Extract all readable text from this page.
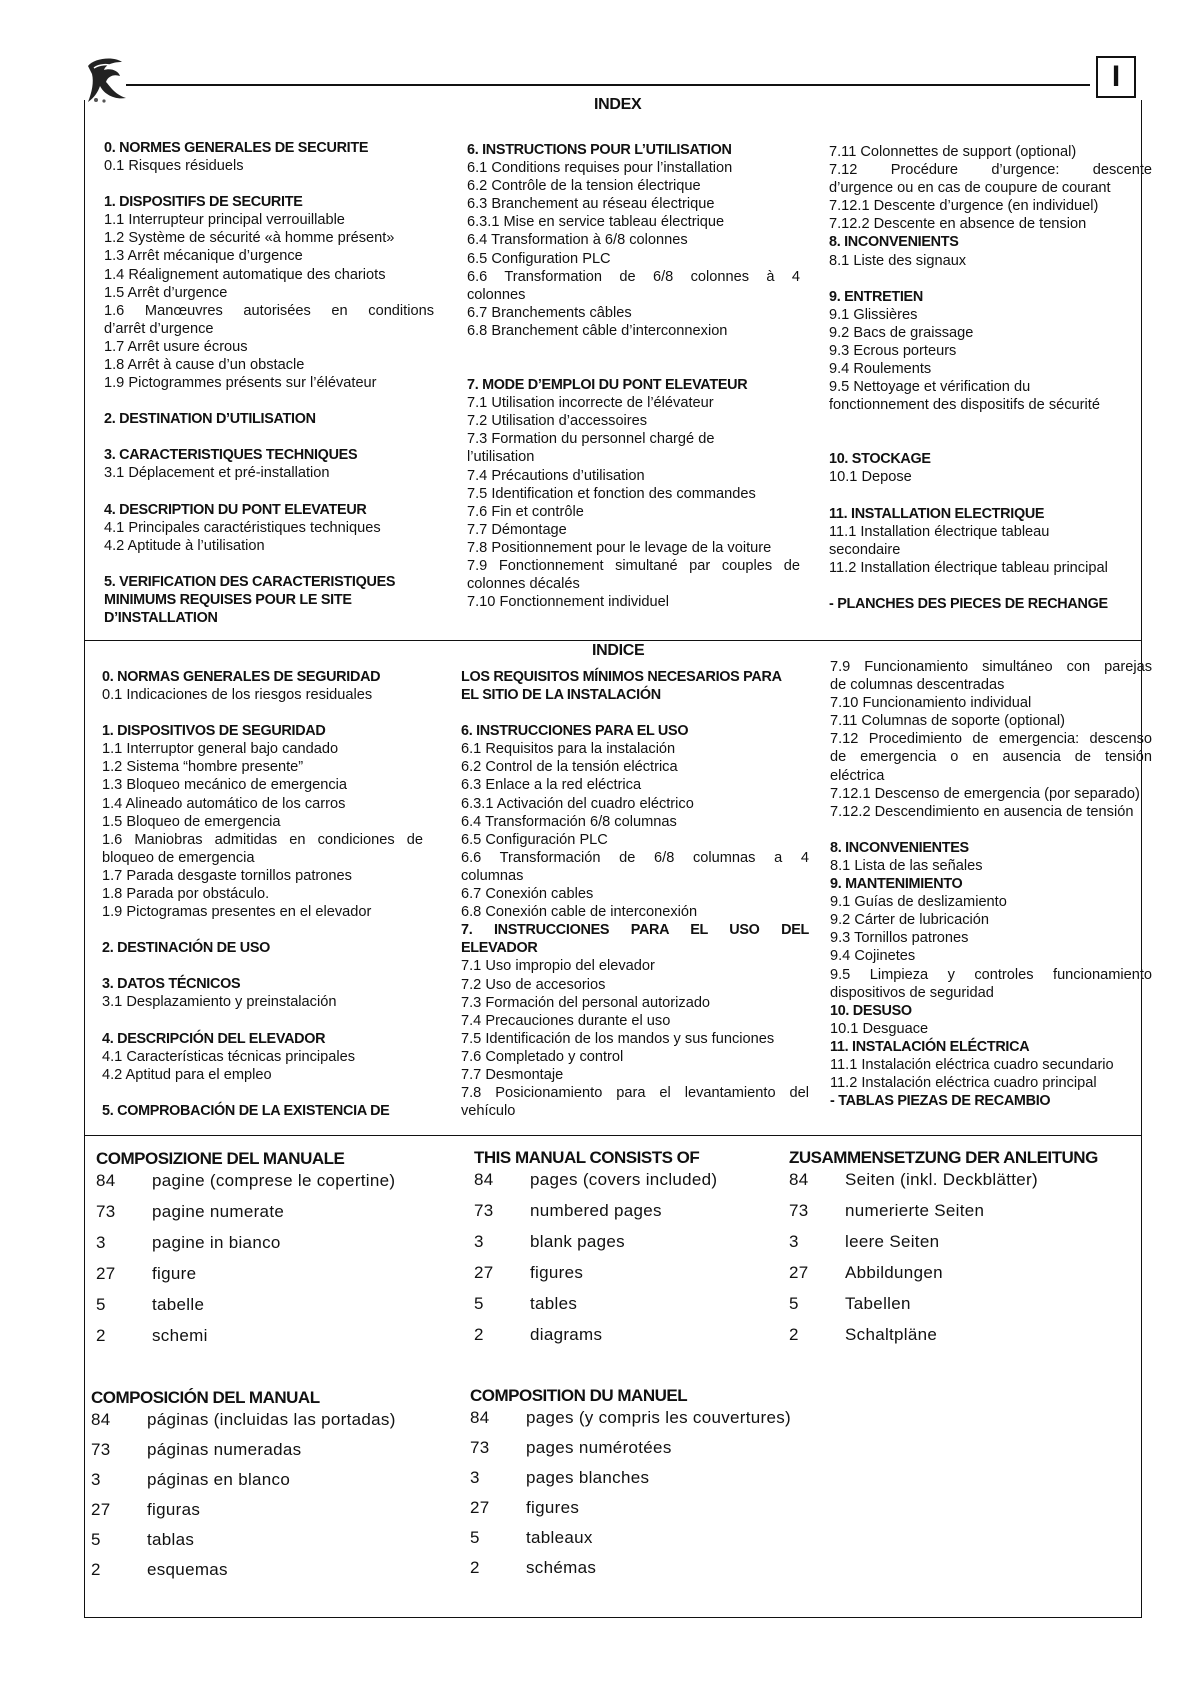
I
INDEX
0. NORMES GENERALES DE SECURITE
0.1 Risques résiduels
1. DISPOSITIFS DE SECURITE
1.1 Interrupteur principal verrouillable
1.2 Système de sécurité «à homme présent»
1.3 Arrêt mécanique d’urgence
1.4 Réalignement automatique des chariots
1.5 Arrêt d’urgence
1.6 Manœuvres autorisées en conditions
d’arrêt d’urgence
1.7 Arrêt usure écrous
1.8 Arrêt à cause d’un obstacle
1.9 Pictogrammes présents sur l’élévateur
2. DESTINATION D’UTILISATION
3. CARACTERISTIQUES TECHNIQUES
3.1 Déplacement et pré-installation
4. DESCRIPTION DU PONT ELEVATEUR
4.1 Principales caractéristiques techniques
4.2 Aptitude à l’utilisation
5. VERIFICATION DES CARACTERISTIQUES
MINIMUMS REQUISES POUR LE SITE
D’INSTALLATION
6. INSTRUCTIONS POUR L’UTILISATION
6.1 Conditions requises pour l’installation
6.2 Contrôle de la tension électrique
6.3 Branchement au réseau électrique
6.3.1 Mise en service tableau électrique
6.4 Transformation à 6/8 colonnes
6.5 Configuration PLC
6.6 Transformation de 6/8 colonnes à 4
colonnes
6.7 Branchements câbles
6.8 Branchement câble d’interconnexion
7. MODE D’EMPLOI DU PONT ELEVATEUR
7.1 Utilisation incorrecte de l’élévateur
7.2 Utilisation d’accessoires
7.3 Formation du personnel chargé de
l’utilisation
7.4 Précautions d’utilisation
7.5 Identification et fonction des commandes
7.6 Fin et contrôle
7.7 Démontage
7.8 Positionnement pour le levage de la voiture
7.9 Fonctionnement simultané par couples de
colonnes décalés
7.10 Fonctionnement individuel
7.11 Colonnettes de support (optional)
7.12 Procédure d’urgence: descente
d’urgence ou en cas de coupure de courant
7.12.1 Descente d’urgence (en individuel)
7.12.2 Descente en absence de tension
8. INCONVENIENTS
8.1 Liste des signaux
9. ENTRETIEN
9.1 Glissières
9.2 Bacs de graissage
9.3 Ecrous porteurs
9.4 Roulements
9.5 Nettoyage et vérification du
fonctionnement des dispositifs de sécurité
10. STOCKAGE
10.1 Depose
11. INSTALLATION ELECTRIQUE
11.1 Installation électrique tableau
secondaire
11.2 Installation électrique tableau principal
- PLANCHES DES PIECES DE RECHANGE
INDICE
0. NORMAS GENERALES DE SEGURIDAD
0.1 Indicaciones de los riesgos residuales
1. DISPOSITIVOS DE SEGURIDAD
1.1 Interruptor general bajo candado
1.2 Sistema “hombre presente”
1.3 Bloqueo mecánico de emergencia
1.4 Alineado automático de los carros
1.5 Bloqueo de emergencia
1.6 Maniobras admitidas en condiciones de
bloqueo de emergencia
1.7 Parada desgaste tornillos patrones
1.8 Parada por obstáculo.
1.9 Pictogramas presentes en el elevador
2. DESTINACIÓN DE USO
3. DATOS TÉCNICOS
3.1 Desplazamiento y preinstalación
4. DESCRIPCIÓN DEL ELEVADOR
4.1 Características técnicas principales
4.2 Aptitud para el empleo
5. COMPROBACIÓN DE LA EXISTENCIA DE
LOS REQUISITOS MÍNIMOS NECESARIOS PARA
EL SITIO DE LA INSTALACIÓN
6. INSTRUCCIONES PARA EL USO
6.1 Requisitos para la instalación
6.2 Control de la tensión eléctrica
6.3 Enlace a la red eléctrica
6.3.1 Activación del cuadro eléctrico
6.4 Transformación 6/8 columnas
6.5 Configuración PLC
6.6 Transformación de 6/8 columnas a 4
columnas
6.7 Conexión cables
6.8 Conexión cable de interconexión
7. INSTRUCCIONES PARA EL USO DEL
ELEVADOR
7.1 Uso impropio del elevador
7.2 Uso de accesorios
7.3 Formación del personal autorizado
7.4 Precauciones durante el uso
7.5 Identificación de los mandos y sus funciones
7.6 Completado y control
7.7 Desmontaje
7.8 Posicionamiento para el levantamiento del
vehículo
7.9 Funcionamiento simultáneo con parejas
de columnas descentradas
7.10 Funcionamiento individual
7.11 Columnas de soporte (optional)
7.12 Procedimiento de emergencia: descenso
de emergencia o en ausencia de tensión
eléctrica
7.12.1 Descenso de emergencia (por separado)
7.12.2 Descendimiento en ausencia de tensión
8. INCONVENIENTES
8.1 Lista de las señales
9. MANTENIMIENTO
9.1 Guías de deslizamiento
9.2 Cárter de lubricación
9.3 Tornillos patrones
9.4 Cojinetes
9.5 Limpieza y controles funcionamiento
dispositivos de seguridad
10. DESUSO
10.1 Desguace
11. INSTALACIÓN ELÉCTRICA
11.1 Instalación eléctrica cuadro secundario
11.2 Instalación eléctrica cuadro principal
- TABLAS PIEZAS DE RECAMBIO
COMPOSIZIONE DEL MANUALE
84	pagine (comprese le copertine)
73	pagine numerate
3	pagine in bianco
27	figure
5	tabelle
2	schemi
THIS MANUAL CONSISTS OF
84	pages (covers included)
73	numbered pages
3	blank pages
27	figures
5	tables
2	diagrams
ZUSAMMENSETZUNG DER ANLEITUNG
84	Seiten (inkl. Deckblätter)
73	numerierte Seiten
3	leere Seiten
27	Abbildungen
5	Tabellen
2	Schaltpläne
COMPOSICIÓN DEL MANUAL
84	páginas (incluidas las portadas)
73	páginas numeradas
3	páginas en blanco
27	figuras
5	tablas
2	esquemas
COMPOSITION DU MANUEL
84	pages (y compris les couvertures)
73	pages numérotées
3	pages blanches
27	figures
5	tableaux
2	schémas
